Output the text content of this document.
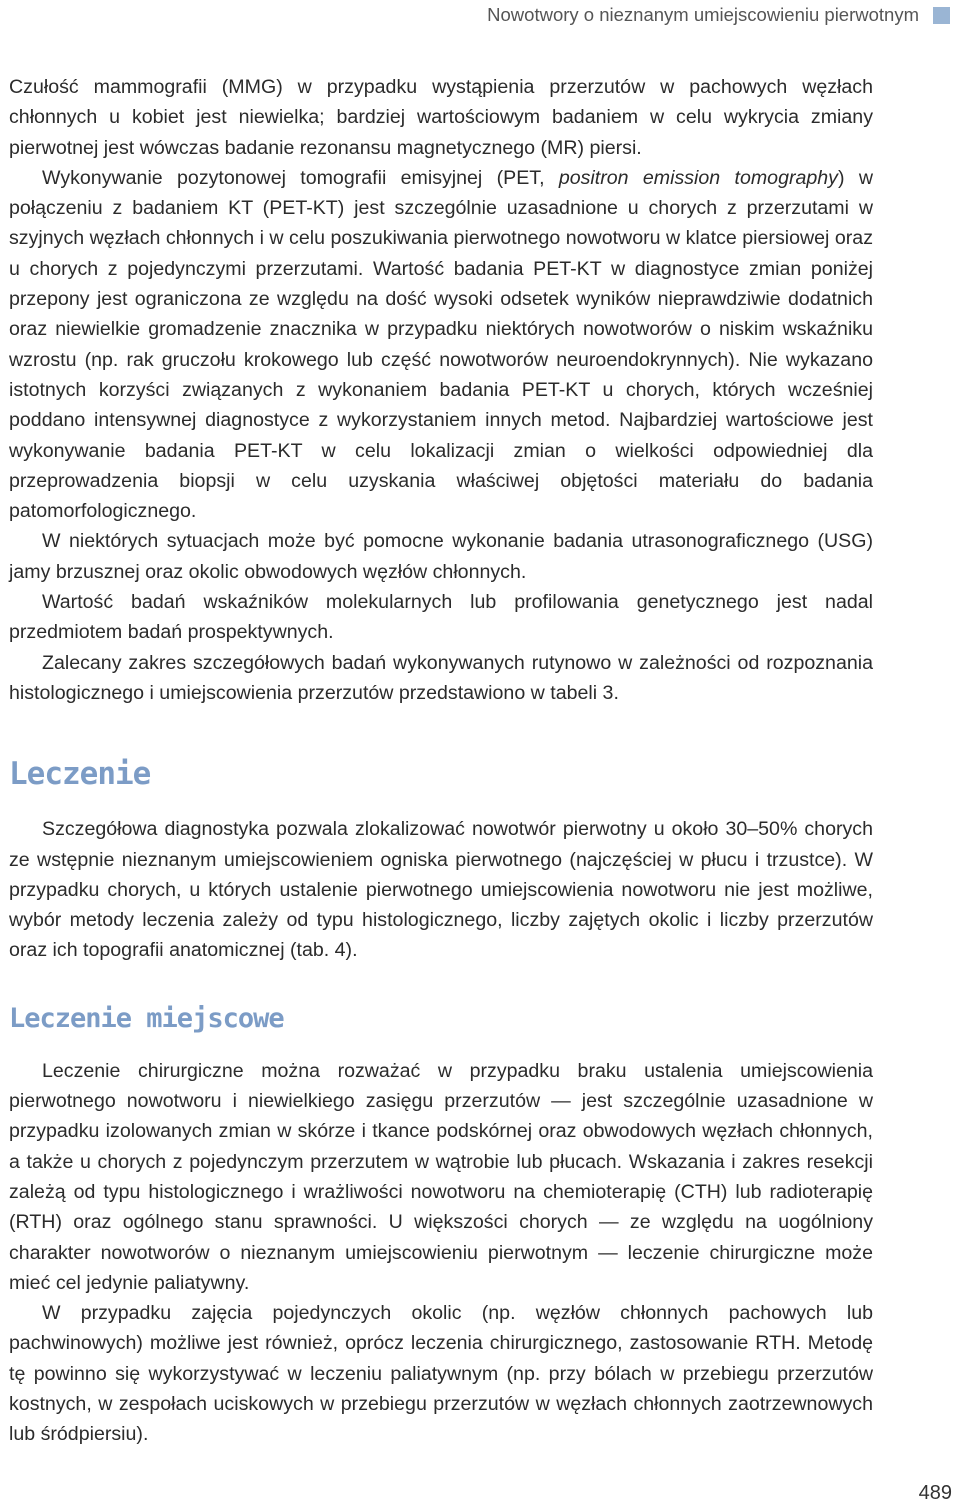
Nowotwory o nieznanym umiejscowieniu pierwotnym

Czułość mammografii (MMG) w przypadku wystąpienia przerzutów w pachowych węzłach chłonnych u kobiet jest niewielka; bardziej wartościowym badaniem w celu wykrycia zmiany pierwotnej jest wówczas badanie rezonansu magnetycznego (MR) piersi.

Wykonywanie pozytonowej tomografii emisyjnej (PET, positron emission tomography) w połączeniu z badaniem KT (PET-KT) jest szczególnie uzasadnione u chorych z przerzutami w szyjnych węzłach chłonnych i w celu poszukiwania pierwotnego nowotworu w klatce piersiowej oraz u chorych z pojedynczymi przerzutami. Wartość badania PET-KT w diagnostyce zmian poniżej przepony jest ograniczona ze względu na dość wysoki odsetek wyników nieprawdziwie dodatnich oraz niewielkie gromadzenie znacznika w przypadku niektórych nowotworów o niskim wskaźniku wzrostu (np. rak gruczołu krokowego lub część nowotworów neuroendokrynnych). Nie wykazano istotnych korzyści związanych z wykonaniem badania PET-KT u chorych, których wcześniej poddano intensywnej diagnostyce z wykorzystaniem innych metod. Najbardziej wartościowe jest wykonywanie badania PET-KT w celu lokalizacji zmian o wielkości odpowiedniej dla przeprowadzenia biopsji w celu uzyskania właściwej objętości materiału do badania patomorfologicznego.

W niektórych sytuacjach może być pomocne wykonanie badania utrasonograficznego (USG) jamy brzusznej oraz okolic obwodowych węzłów chłonnych.

Wartość badań wskaźników molekularnych lub profilowania genetycznego jest nadal przedmiotem badań prospektywnych.

Zalecany zakres szczegółowych badań wykonywanych rutynowo w zależności od rozpoznania histologicznego i umiejscowienia przerzutów przedstawiono w tabeli 3.

Leczenie

Szczegółowa diagnostyka pozwala zlokalizować nowotwór pierwotny u około 30–50% chorych ze wstępnie nieznanym umiejscowieniem ogniska pierwotnego (najczęściej w płucu i trzustce). W przypadku chorych, u których ustalenie pierwotnego umiejscowienia nowotworu nie jest możliwe, wybór metody leczenia zależy od typu histologicznego, liczby zajętych okolic i liczby przerzutów oraz ich topografii anatomicznej (tab. 4).

Leczenie miejscowe

Leczenie chirurgiczne można rozważać w przypadku braku ustalenia umiejscowienia pierwotnego nowotworu i niewielkiego zasięgu przerzutów — jest szczególnie uzasadnione w przypadku izolowanych zmian w skórze i tkance podskórnej oraz obwodowych węzłach chłonnych, a także u chorych z pojedynczym przerzutem w wątrobie lub płucach. Wskazania i zakres resekcji zależą od typu histologicznego i wrażliwości nowotworu na chemioterapię (CTH) lub radioterapię (RTH) oraz ogólnego stanu sprawności. U większości chorych — ze względu na uogólniony charakter nowotworów o nieznanym umiejscowieniu pierwotnym — leczenie chirurgiczne może mieć cel jedynie paliatywny.

W przypadku zajęcia pojedynczych okolic (np. węzłów chłonnych pachowych lub pachwinowych) możliwe jest również, oprócz leczenia chirurgicznego, zastosowanie RTH. Metodę tę powinno się wykorzystywać w leczeniu paliatywnym (np. przy bólach w przebiegu przerzutów kostnych, w zespołach uciskowych w przebiegu przerzutów w węzłach chłonnych zaotrzewnowych lub śródpiersiu).

489
